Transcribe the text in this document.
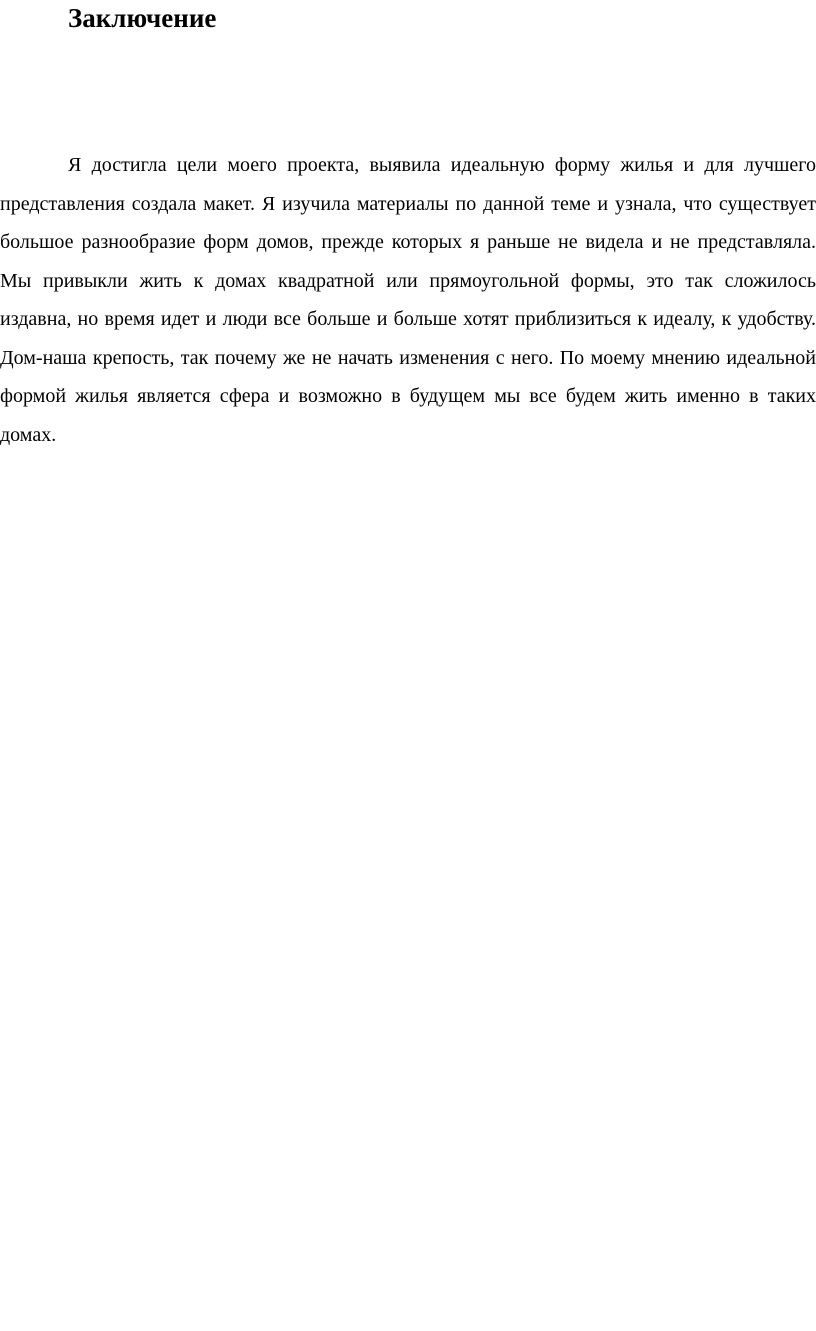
Заключение

Я достигла цели моего проекта, выявила идеальную форму жилья и для лучшего представления создала макет. Я изучила материалы по данной теме и узнала, что существует большое разнообразие форм домов, прежде которых я раньше не видела и не представляла. Мы привыкли жить к домах квадратной или прямоугольной формы, это так сложилось издавна, но время идет и люди все больше и больше хотят приблизиться к идеалу, к удобству. Дом-наша крепость, так почему же не начать изменения с него. По моему мнению идеальной формой жилья является сфера и возможно в будущем мы все будем жить именно в таких домах.
